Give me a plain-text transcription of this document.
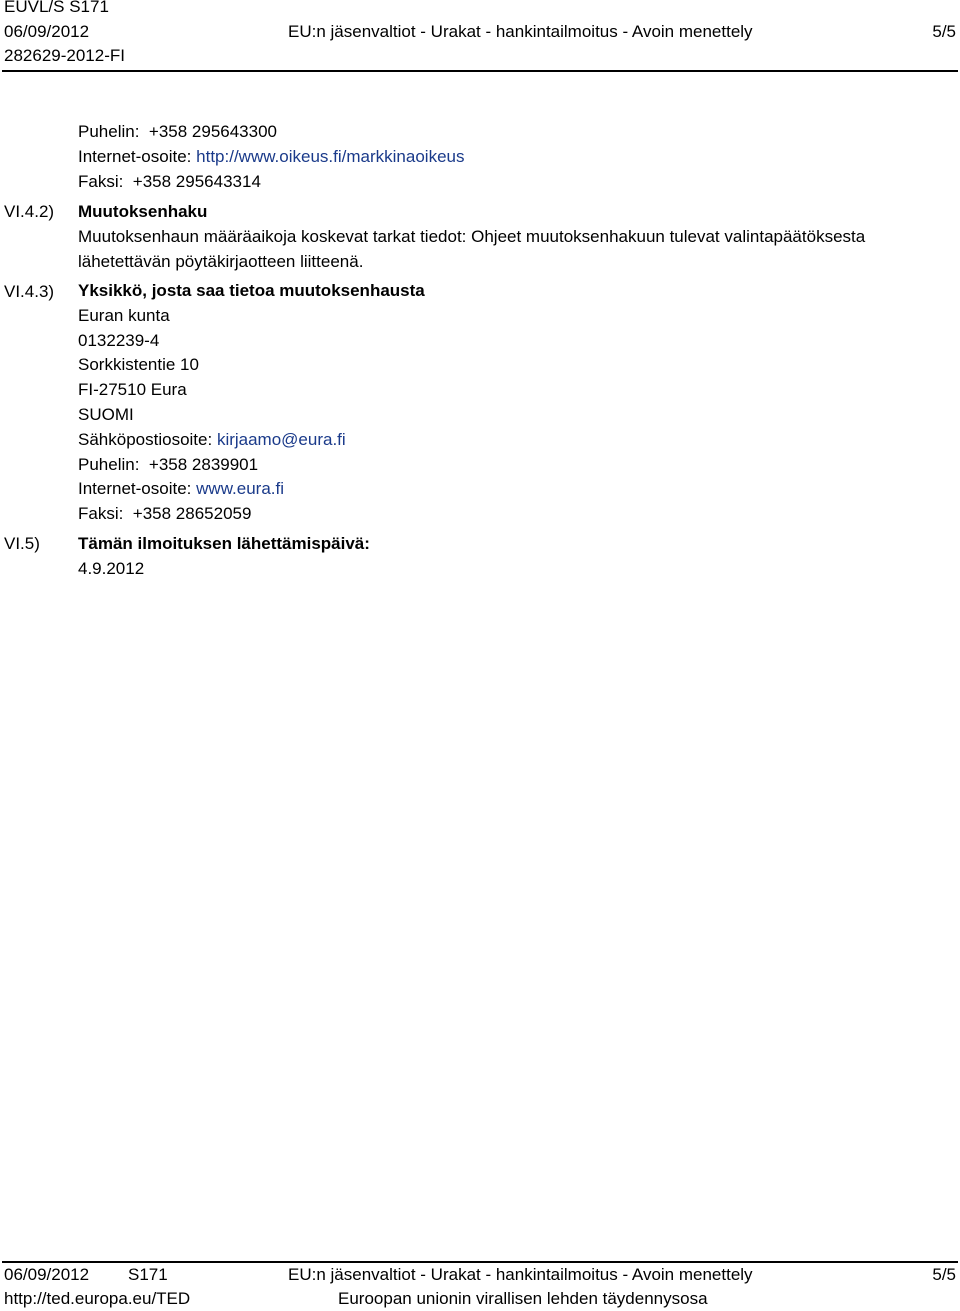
EUVL/S S171
06/09/2012
282629-2012-FI
EU:n jäsenvaltiot - Urakat - hankintailmoitus - Avoin menettely	5/5
Puhelin: +358 295643300
Internet-osoite: http://www.oikeus.fi/markkinaoikeus
Faksi: +358 295643314
VI.4.2) Muutoksenhaku
Muutoksenhaun määräaikoja koskevat tarkat tiedot: Ohjeet muutoksenhakuun tulevat valintapäätöksesta
lähetettävän pöytäkirjaotteen liitteenä.
VI.4.3) Yksikkö, josta saa tietoa muutoksenhausta
Euran kunta
0132239-4
Sorkkistentie 10
FI-27510 Eura
SUOMI
Sähköpostiosoite: kirjaamo@eura.fi
Puhelin: +358 2839901
Internet-osoite: www.eura.fi
Faksi: +358 28652059
VI.5) Tämän ilmoituksen lähettämispäivä:
4.9.2012
06/09/2012 S171	EU:n jäsenvaltiot - Urakat - hankintailmoitus - Avoin menettely	5/5
http://ted.europa.eu/TED	Euroopan unionin virallisen lehden täydennysosa
